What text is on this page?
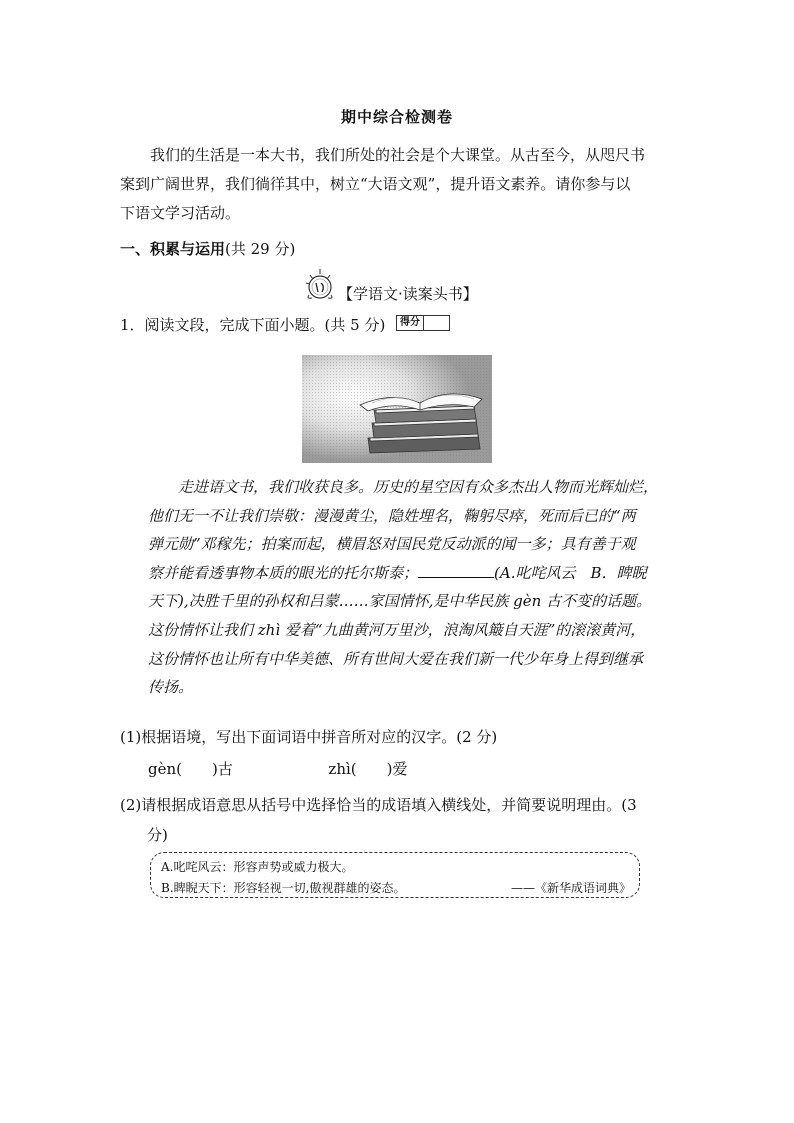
期中综合检测卷
我们的生活是一本大书，我们所处的社会是个大课堂。从古至今，从咫尺书
案到广阔世界，我们徜徉其中，树立“大语文观”，提升语文素养。请你参与以
下语文学习活动。
一、积累与运用(共 29 分)
【学语文·读案头书】
1．阅读文段，完成下面小题。(共 5 分)	得分
走进语文书，我们收获良多。历史的星空因有众多杰出人物而光辉灿烂，
他们无一不让我们崇敬：漫漫黄尘，隐姓埋名，鞠躬尽瘁，死而后已的“两
弹元勋”邓稼先；拍案而起，横眉怒对国民党反动派的闻一多；具有善于观
察并能看透事物本质的眼光的托尔斯泰；	(A.叱咤风云　B．睥睨
天下),决胜千里的孙权和吕蒙……家国情怀,是中华民族 gèn 古不变的话题。
这份情怀让我们 zhì 爱着“九曲黄河万里沙，浪淘风簸自天涯”的滚滚黄河，
这份情怀也让所有中华美德、所有世间大爱在我们新一代少年身上得到继承
传扬。
(1)根据语境，写出下面词语中拼音所对应的汉字。(2 分)
gèn(　　)古	zhì(　　)爱
(2)请根据成语意思从括号中选择恰当的成语填入横线处，并简要说明理由。(3
分)
A.叱咤风云：形容声势或威力极大。
B.睥睨天下：形容轻视一切,傲视群雄的姿态。	——《新华成语词典》
